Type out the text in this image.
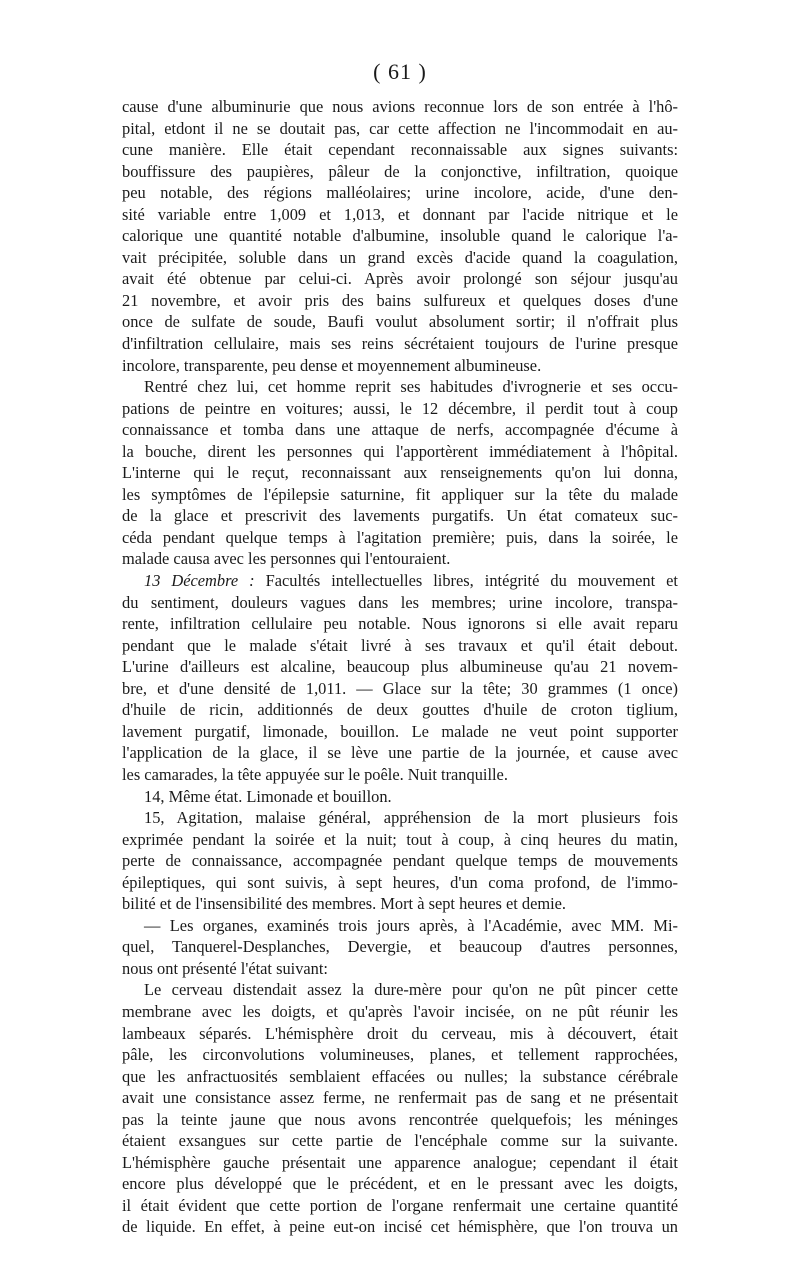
( 61 )
cause d'une albuminurie que nous avions reconnue lors de son entrée à l'hô-
pital, etdont il ne se doutait pas, car cette affection ne l'incommodait en au-
cune manière. Elle était cependant reconnaissable aux signes suivants:
bouffissure des paupières, pâleur de la conjonctive, infiltration, quoique
peu notable, des régions malléolaires; urine incolore, acide, d'une den-
sité variable entre 1,009 et 1,013, et donnant par l'acide nitrique et le
calorique une quantité notable d'albumine, insoluble quand le calorique l'a-
vait précipitée, soluble dans un grand excès d'acide quand la coagulation,
avait été obtenue par celui-ci. Après avoir prolongé son séjour jusqu'au
21 novembre, et avoir pris des bains sulfureux et quelques doses d'une
once de sulfate de soude, Baufi voulut absolument sortir; il n'offrait plus
d'infiltration cellulaire, mais ses reins sécrétaient toujours de l'urine presque
incolore, transparente, peu dense et moyennement albumineuse.
Rentré chez lui, cet homme reprit ses habitudes d'ivrognerie et ses occu-
pations de peintre en voitures; aussi, le 12 décembre, il perdit tout à coup
connaissance et tomba dans une attaque de nerfs, accompagnée d'écume à
la bouche, dirent les personnes qui l'apportèrent immédiatement à l'hôpital.
L'interne qui le reçut, reconnaissant aux renseignements qu'on lui donna,
les symptômes de l'épilepsie saturnine, fit appliquer sur la tête du malade
de la glace et prescrivit des lavements purgatifs. Un état comateux suc-
céda pendant quelque temps à l'agitation première; puis, dans la soirée, le
malade causa avec les personnes qui l'entouraient.
13 Décembre : Facultés intellectuelles libres, intégrité du mouvement et
du sentiment, douleurs vagues dans les membres; urine incolore, transpa-
rente, infiltration cellulaire peu notable. Nous ignorons si elle avait reparu
pendant que le malade s'était livré à ses travaux et qu'il était debout.
L'urine d'ailleurs est alcaline, beaucoup plus albumineuse qu'au 21 novem-
bre, et d'une densité de 1,011. — Glace sur la tête; 30 grammes (1 once)
d'huile de ricin, additionnés de deux gouttes d'huile de croton tiglium,
lavement purgatif, limonade, bouillon. Le malade ne veut point supporter
l'application de la glace, il se lève une partie de la journée, et cause avec
les camarades, la tête appuyée sur le poêle. Nuit tranquille.
14, Même état. Limonade et bouillon.
15, Agitation, malaise général, appréhension de la mort plusieurs fois
exprimée pendant la soirée et la nuit; tout à coup, à cinq heures du matin,
perte de connaissance, accompagnée pendant quelque temps de mouvements
épileptiques, qui sont suivis, à sept heures, d'un coma profond, de l'immo-
bilité et de l'insensibilité des membres. Mort à sept heures et demie.
— Les organes, examinés trois jours après, à l'Académie, avec MM. Mi-
quel, Tanquerel-Desplanches, Devergie, et beaucoup d'autres personnes,
nous ont présenté l'état suivant:
Le cerveau distendait assez la dure-mère pour qu'on ne pût pincer cette
membrane avec les doigts, et qu'après l'avoir incisée, on ne pût réunir les
lambeaux séparés. L'hémisphère droit du cerveau, mis à découvert, était
pâle, les circonvolutions volumineuses, planes, et tellement rapprochées,
que les anfractuosités semblaient effacées ou nulles; la substance cérébrale
avait une consistance assez ferme, ne renfermait pas de sang et ne présentait
pas la teinte jaune que nous avons rencontrée quelquefois; les méninges
étaient exsangues sur cette partie de l'encéphale comme sur la suivante.
L'hémisphère gauche présentait une apparence analogue; cependant il était
encore plus développé que le précédent, et en le pressant avec les doigts,
il était évident que cette portion de l'organe renfermait une certaine quantité
de liquide. En effet, à peine eut-on incisé cet hémisphère, que l'on trouva un
